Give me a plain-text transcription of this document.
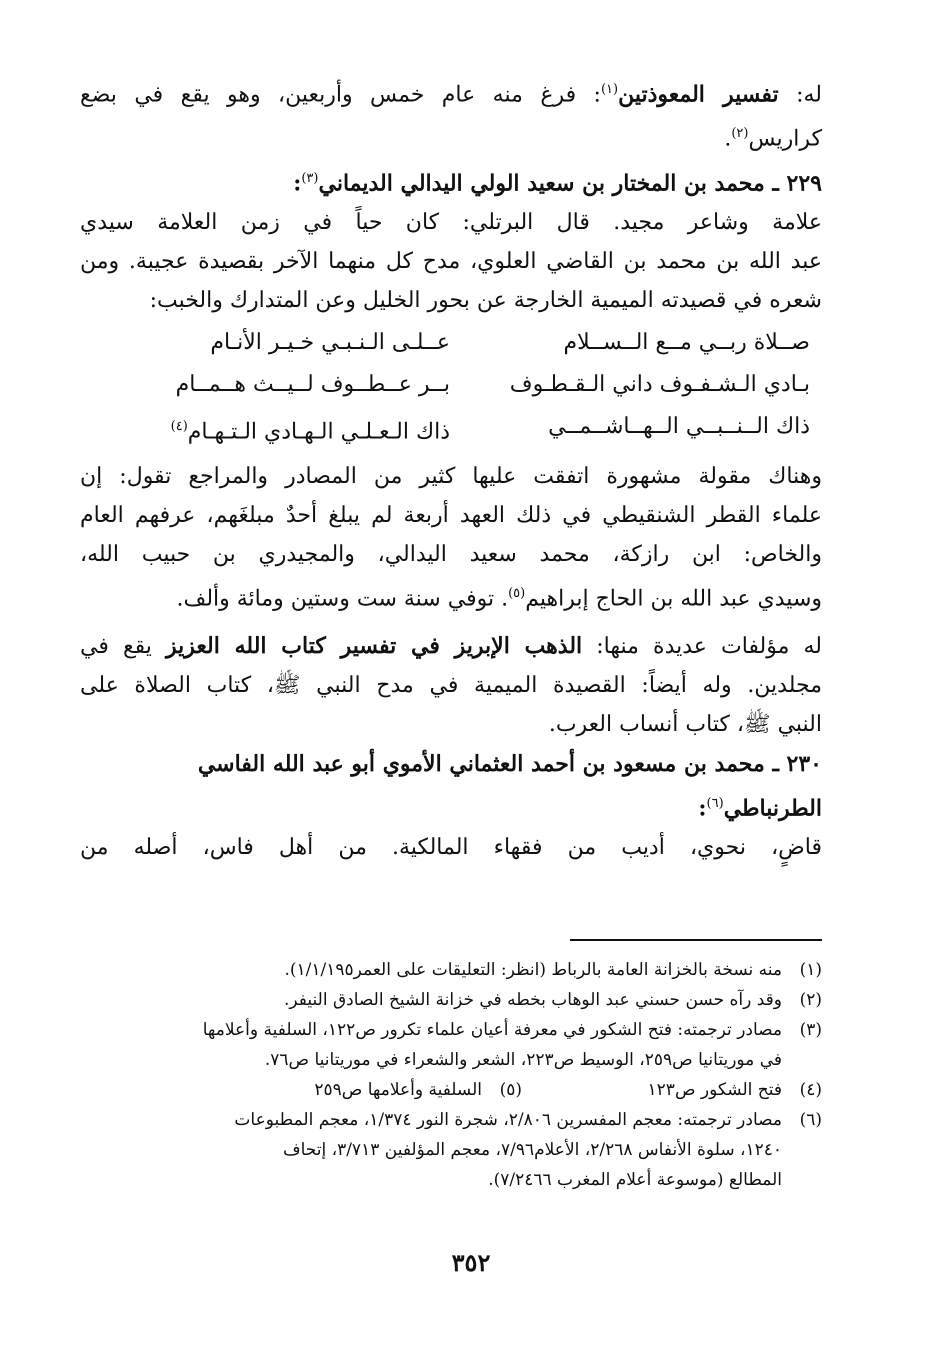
له: تفسير المعوذتين$^{(١)}$: فرغ منه عام خمس وأربعين، وهو يقع في بضع
كراريس$^{(٢)}$.
٢٢٩ ـ محمد بن المختار بن سعيد الولي اليدالي الديماني$^{(٣)}$:
علامة وشاعر مجيد. قال البرتلي: كان حياً في زمن العلامة سيدي
عبد الله بن محمد بن القاضي العلوي، مدح كل منهما الآخر بقصيدة عجيبة. ومن
شعره في قصيدته الميمية الخارجة عن بحور الخليل وعن المتدارك والخبب:
صــلاة ربــي مــع الــســلام
عــلـى الـنـبـي خـيـر الأنـام
بـادي الـشـفـوف داني الـقـطـوف
بــر عــطــوف لــيــث هــمــام
ذاك الــنــبــي الــهــاشــمــي
ذاك الـعـلـي الـهـادي الـتـهـام$^{(٤)}$
وهناك مقولة مشهورة اتفقت عليها كثير من المصادر والمراجع تقول: إن
علماء القطر الشنقيطي في ذلك العهد أربعة لم يبلغ أحدٌ مبلغَهم، عرفهم العام
والخاص: ابن رازكة، محمد سعيد اليدالي، والمجيدري بن حبيب الله،
وسيدي عبد الله بن الحاج إبراهيم$^{(٥)}$. توفي سنة ست وستين ومائة وألف.
له مؤلفات عديدة منها: الذهب الإبريز في تفسير كتاب الله العزيز يقع في
مجلدين. وله أيضاً: القصيدة الميمية في مدح النبي ﷺ، كتاب الصلاة على
النبي ﷺ، كتاب أنساب العرب.
٢٣٠ ـ محمد بن مسعود بن أحمد العثماني الأموي أبو عبد الله الفاسي
الطرنباطي$^{(٦)}$:
قاضٍ، نحوي، أديب من فقهاء المالكية. من أهل فاس، أصله من
(١)
منه نسخة بالخزانة العامة بالرباط (انظر: التعليقات على العمر١/١/١٩٥).
(٢)
وقد رآه حسن حسني عبد الوهاب بخطه في خزانة الشيخ الصادق النيفر.
(٣)
مصادر ترجمته: فتح الشكور في معرفة أعيان علماء تكرور ص١٢٢، السلفية وأعلامها
في موريتانيا ص٢٥٩، الوسيط ص٢٢٣، الشعر والشعراء في موريتانيا ص٧٦.
(٤)
فتح الشكور ص١٢٣
(٥)
السلفية وأعلامها ص٢٥٩
(٦)
مصادر ترجمته: معجم المفسرين ٢/٨٠٦، شجرة النور ١/٣٧٤، معجم المطبوعات
١٢٤٠، سلوة الأنفاس ٢/٢٦٨، الأعلام٧/٩٦، معجم المؤلفين ٣/٧١٣، إتحاف
المطالع (موسوعة أعلام المغرب ٧/٢٤٦٦).
٣٥٢
